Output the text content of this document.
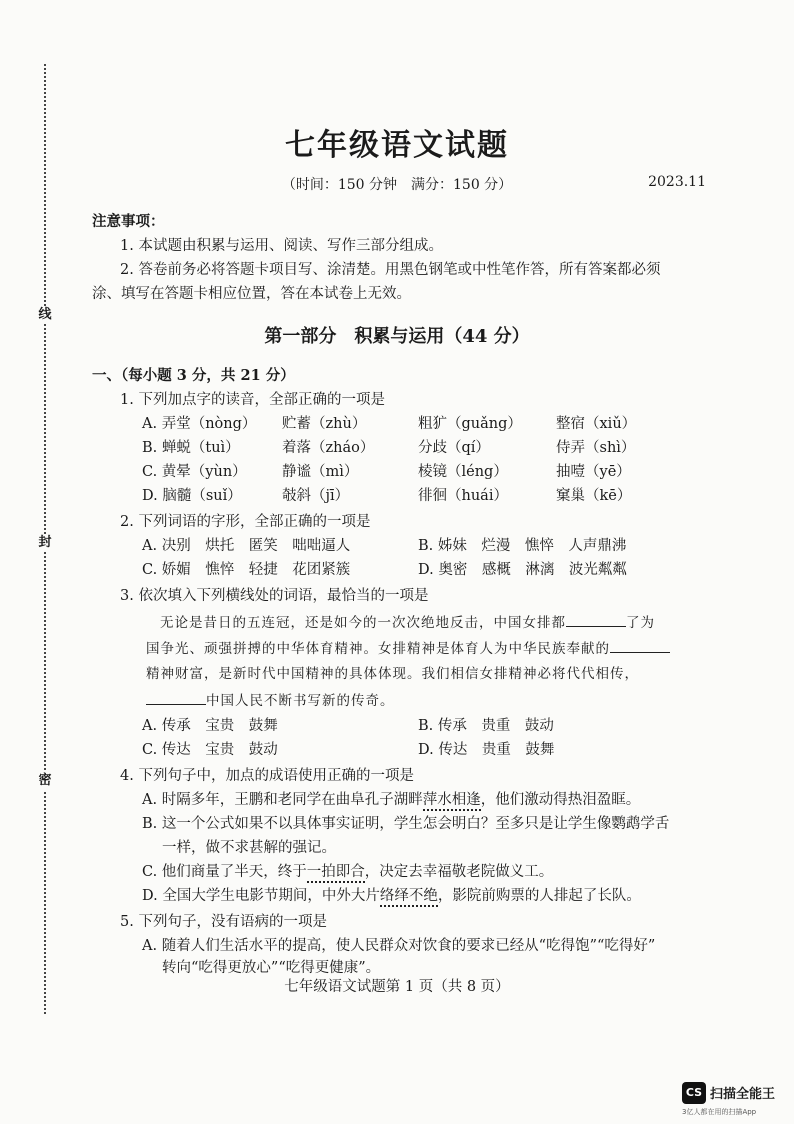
线
封
密
七年级语文试题
（时间：150 分钟　满分：150 分）	2023.11
注意事项：
1. 本试题由积累与运用、阅读、写作三部分组成。
2. 答卷前务必将答题卡项目写、涂清楚。用黑色钢笔或中性笔作答，所有答案都必须
涂、填写在答题卡相应位置，答在本试卷上无效。
第一部分　积累与运用（44 分）
一、（每小题 3 分，共 21 分）
1. 下列加点字的读音，全部正确的一项是
A. 弄堂（nòng） 贮蓄（zhù）	粗犷（guǎng） 整宿（xiǔ）
B. 蝉蜕（tuì）	着落（zháo）	分歧（qí）	侍弄（shì）
C. 黄晕（yùn） 静谧（mì）	棱镜（léng）	抽噎（yē）
D. 脑髓（suǐ）	攲斜（jī）	徘徊（huái）	窠巢（kē）
2. 下列词语的字形，全部正确的一项是
A. 决别　烘托　匿笑　咄咄逼人	B. 姊妹　烂漫　憔悴　人声鼎沸
C. 娇媚　憔悴　轻捷　花团紧簇	D. 奥密　感概　淋漓　波光粼粼
3. 依次填入下列横线处的词语，最恰当的一项是
无论是昔日的五连冠，还是如今的一次次绝地反击，中国女排都	了为
国争光、顽强拼搏的中华体育精神。女排精神是体育人为中华民族奉献的
精神财富，是新时代中国精神的具体体现。我们相信女排精神必将代代相传，
中国人民不断书写新的传奇。
A. 传承　宝贵　鼓舞	B. 传承　贵重　鼓动
C. 传达　宝贵　鼓动	D. 传达　贵重　鼓舞
4. 下列句子中，加点的成语使用正确的一项是
A. 时隔多年，王鹏和老同学在曲阜孔子湖畔萍水相逢，他们激动得热泪盈眶。
B. 这一个公式如果不以具体事实证明，学生怎会明白？至多只是让学生像鹦鹉学舌
一样，做不求甚解的强记。
C. 他们商量了半天，终于一拍即合，决定去幸福敬老院做义工。
D. 全国大学生电影节期间，中外大片络绎不绝，影院前购票的人排起了长队。
5. 下列句子，没有语病的一项是
A. 随着人们生活水平的提高，使人民群众对饮食的要求已经从“吃得饱”“吃得好”
转向“吃得更放心”“吃得更健康”。
七年级语文试题第 1 页（共 8 页）
CS 扫描全能王
3亿人都在用的扫描App
